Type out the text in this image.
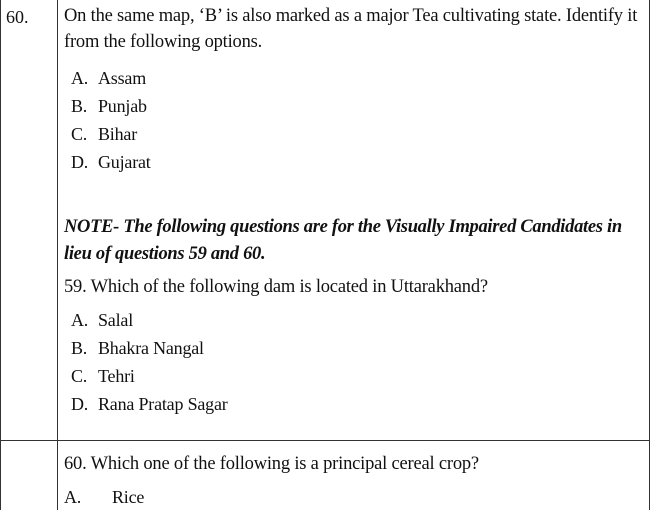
60. On the same map, ‘B’ is also marked as a major Tea cultivating state. Identify it from the following options.
A. Assam
B. Punjab
C. Bihar
D. Gujarat
NOTE- The following questions are for the Visually Impaired Candidates in lieu of questions 59 and 60.
59. Which of the following dam is located in Uttarakhand?
A. Salal
B. Bhakra Nangal
C. Tehri
D. Rana Pratap Sagar
60. Which one of the following is a principal cereal crop?
A.	Rice
